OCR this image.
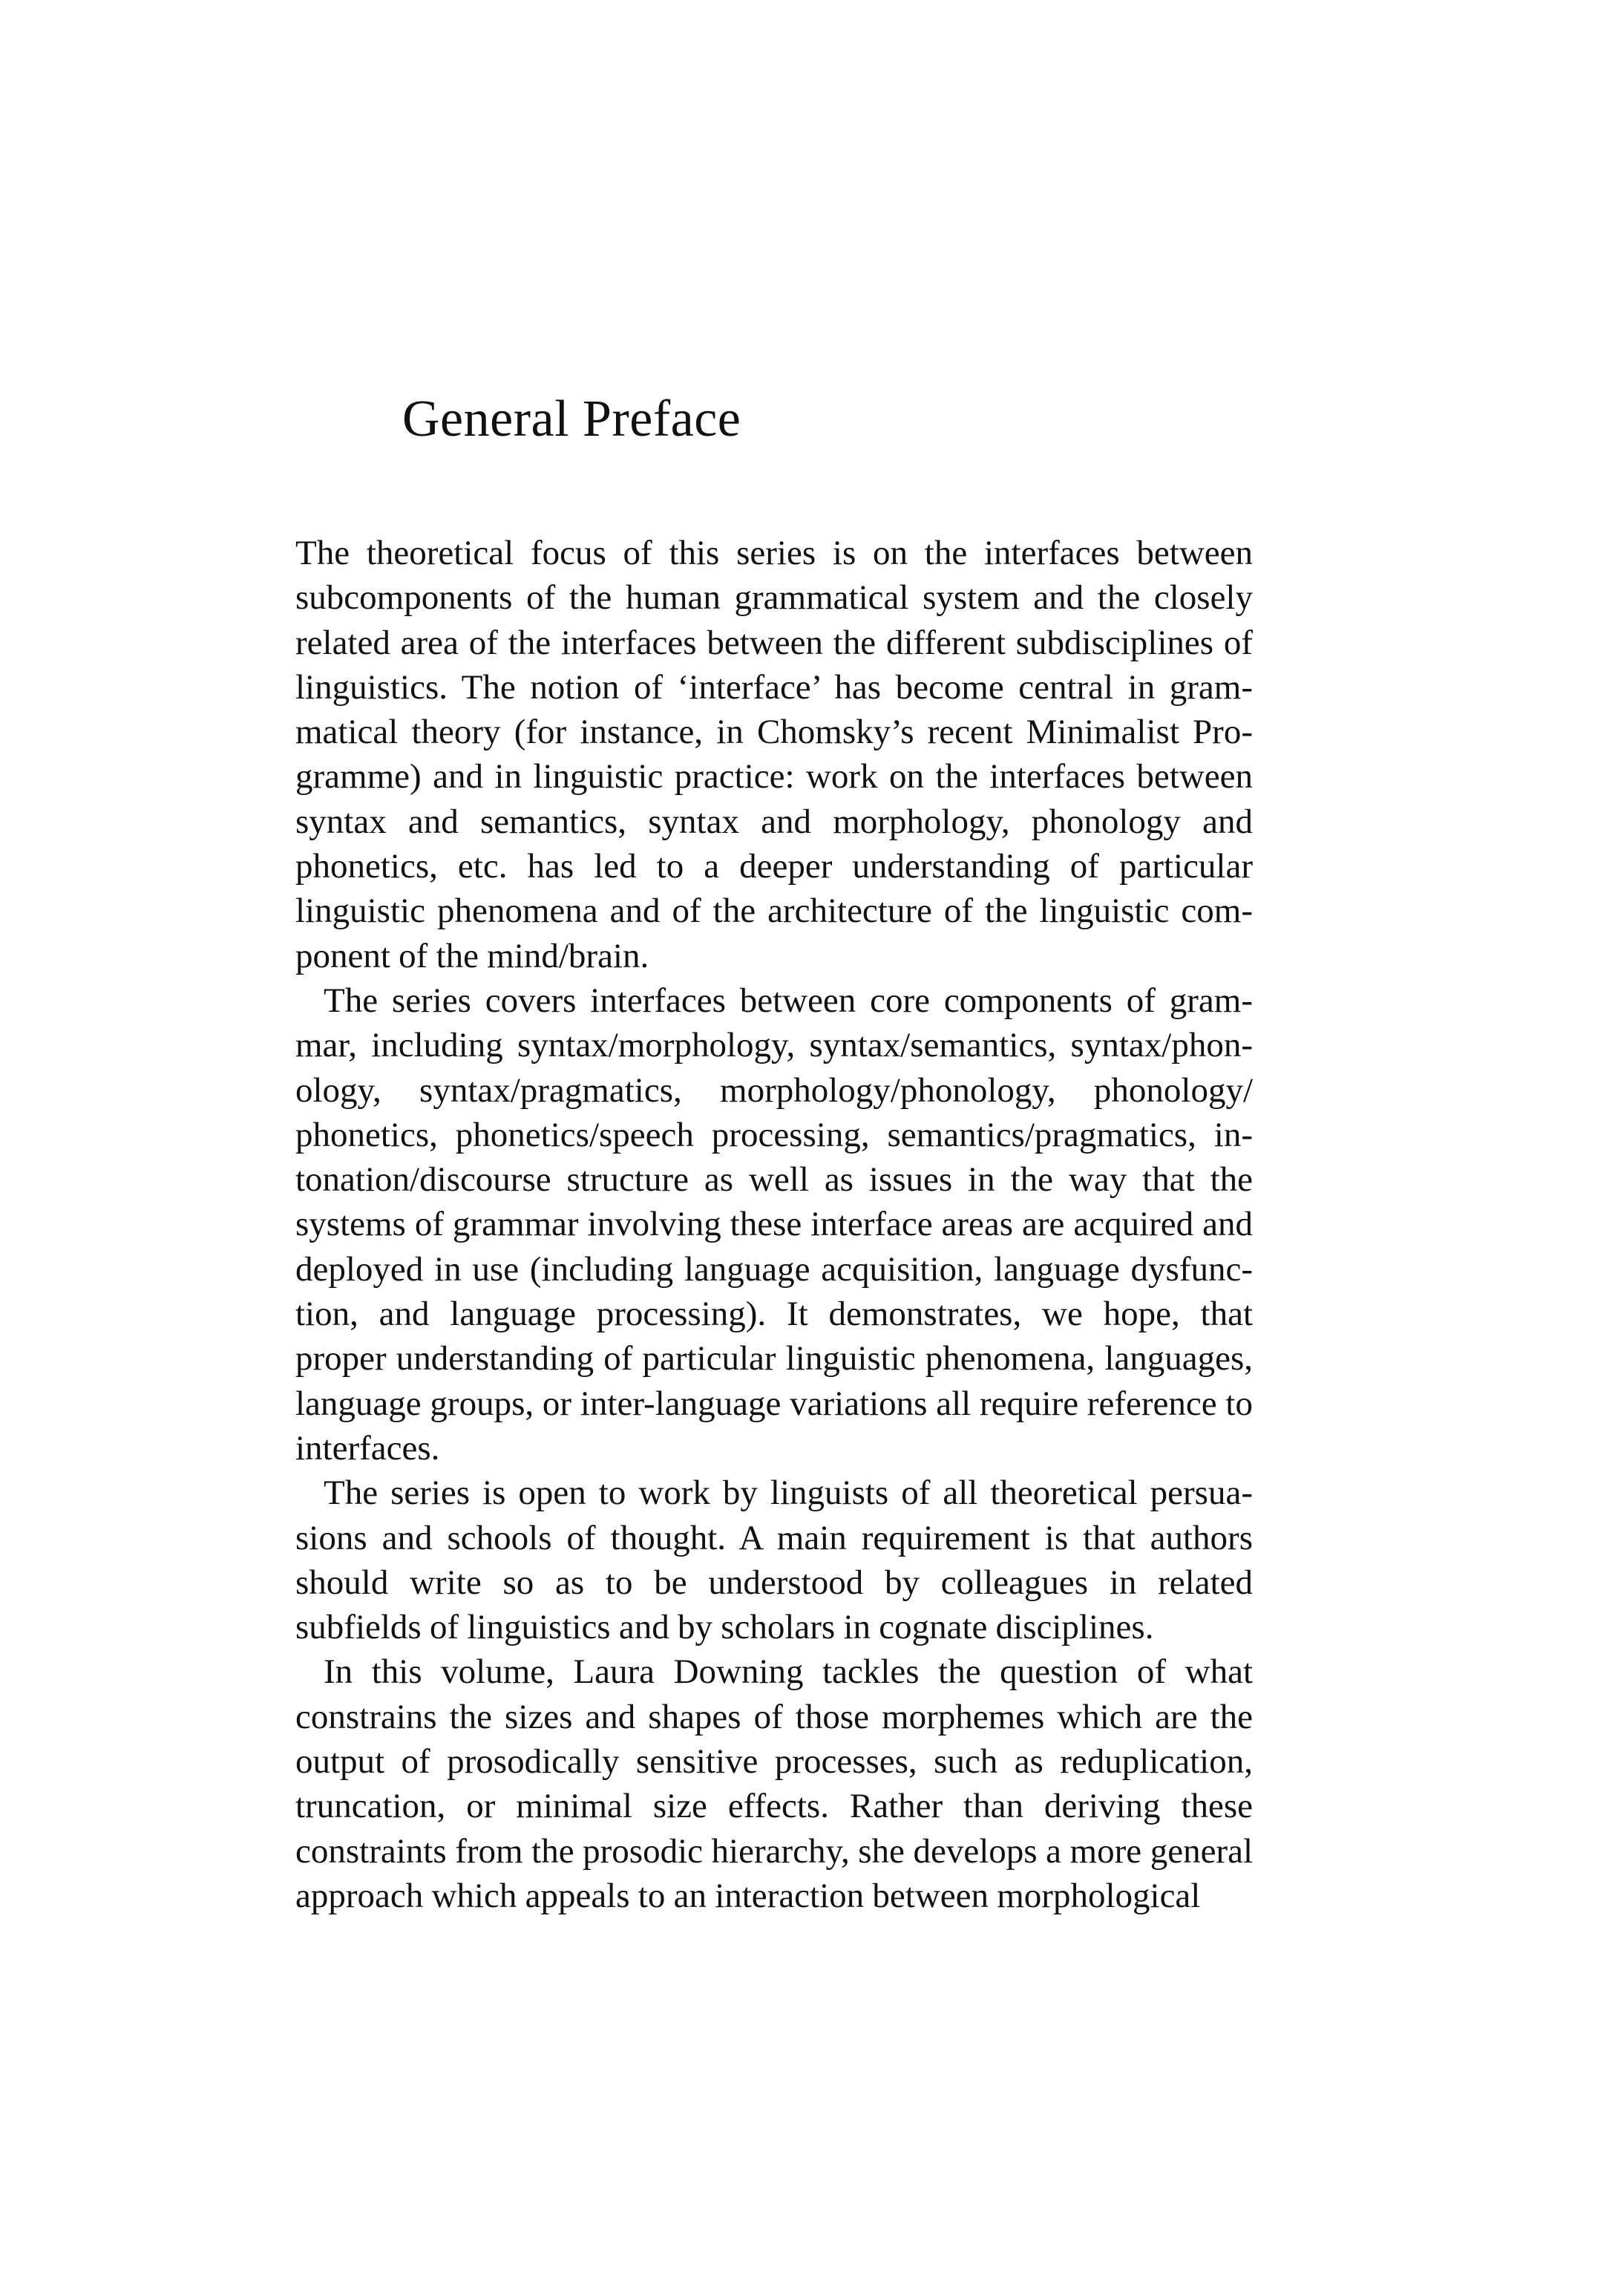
General Preface

The theoretical focus of this series is on the interfaces between subcomponents of the human grammatical system and the closely related area of the interfaces between the different subdisciplines of linguistics. The notion of ‘interface’ has become central in grammatical theory (for instance, in Chomsky’s recent Minimalist Programme) and in linguistic practice: work on the interfaces between syntax and semantics, syntax and morphology, phonology and phonetics, etc. has led to a deeper understanding of particular linguistic phenomena and of the architecture of the linguistic component of the mind/brain.

The series covers interfaces between core components of grammar, including syntax/morphology, syntax/semantics, syntax/phonology, syntax/pragmatics, morphology/phonology, phonology/ phonetics, phonetics/speech processing, semantics/pragmatics, intonation/discourse structure as well as issues in the way that the systems of grammar involving these interface areas are acquired and deployed in use (including language acquisition, language dysfunction, and language processing). It demonstrates, we hope, that proper understanding of particular linguistic phenomena, languages, language groups, or inter-language variations all require reference to interfaces.

The series is open to work by linguists of all theoretical persuasions and schools of thought. A main requirement is that authors should write so as to be understood by colleagues in related subfields of linguistics and by scholars in cognate disciplines.

In this volume, Laura Downing tackles the question of what constrains the sizes and shapes of those morphemes which are the output of prosodically sensitive processes, such as reduplication, truncation, or minimal size effects. Rather than deriving these constraints from the prosodic hierarchy, she develops a more general approach which appeals to an interaction between morphological
